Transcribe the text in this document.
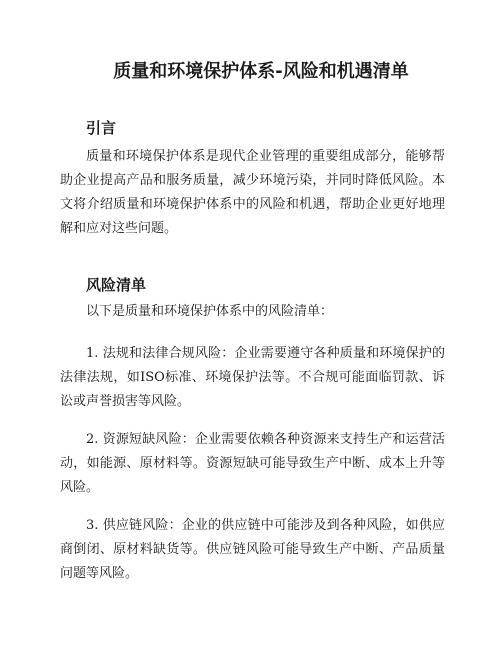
质量和环境保护体系-风险和机遇清单
引言

质量和环境保护体系是现代企业管理的重要组成部分，能够帮助企业提高产品和服务质量，减少环境污染，并同时降低风险。本文将介绍质量和环境保护体系中的风险和机遇，帮助企业更好地理解和应对这些问题。

风险清单

以下是质量和环境保护体系中的风险清单：

1. 法规和法律合规风险：企业需要遵守各种质量和环境保护的法律法规，如ISO标准、环境保护法等。不合规可能面临罚款、诉讼或声誉损害等风险。

2. 资源短缺风险：企业需要依赖各种资源来支持生产和运营活动，如能源、原材料等。资源短缺可能导致生产中断、成本上升等风险。

3. 供应链风险：企业的供应链中可能涉及到各种风险，如供应商倒闭、原材料缺货等。供应链风险可能导致生产中断、产品质量问题等风险。
